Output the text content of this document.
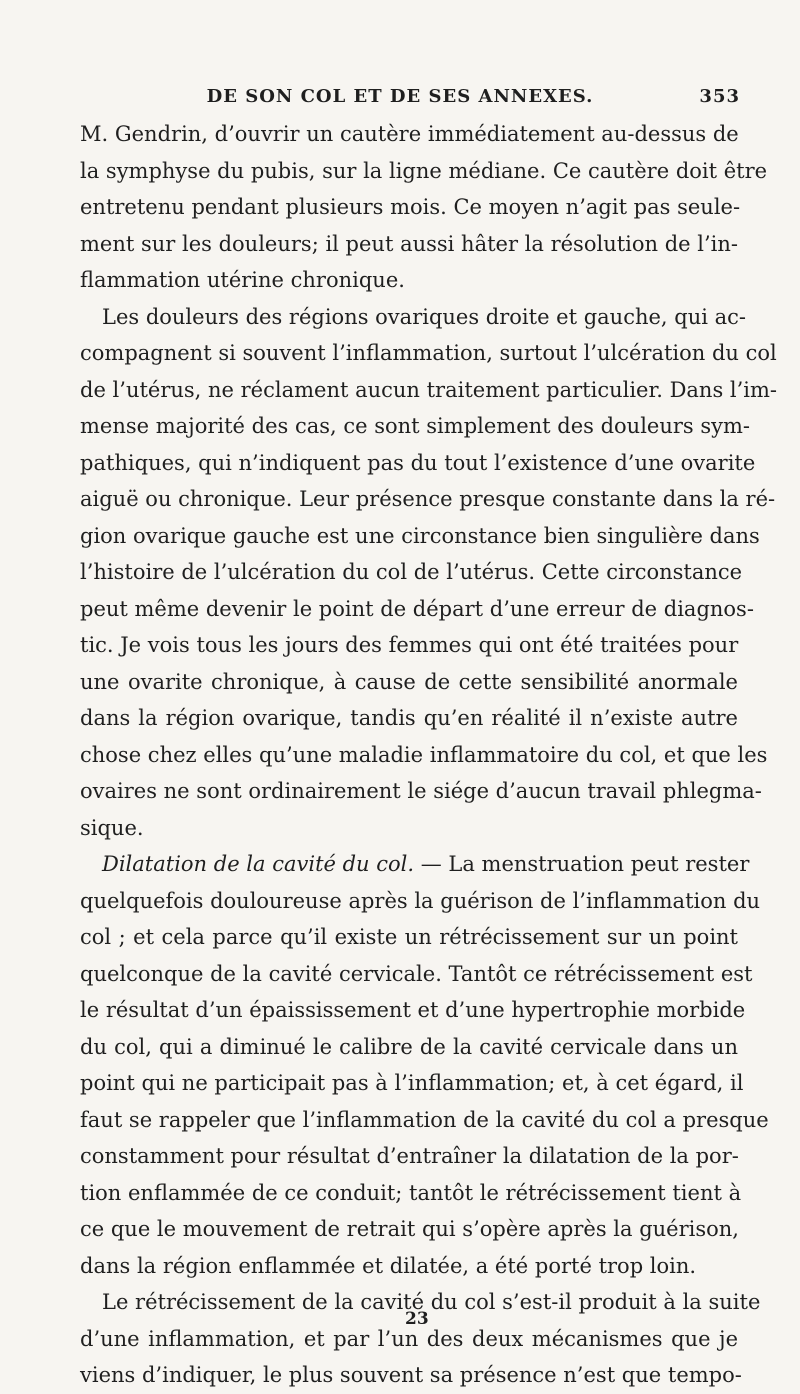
DE SON COL ET DE SES ANNEXES.	353
M. Gendrin, d’ouvrir un cautère immédiatement au-dessus de
la symphyse du pubis, sur la ligne médiane. Ce cautère doit être
entretenu pendant plusieurs mois. Ce moyen n’agit pas seule-
ment sur les douleurs; il peut aussi hâter la résolution de l’in-
flammation utérine chronique.
Les douleurs des régions ovariques droite et gauche, qui ac-
compagnent si souvent l’inflammation, surtout l’ulcération du col
de l’utérus, ne réclament aucun traitement particulier. Dans l’im-
mense majorité des cas, ce sont simplement des douleurs sym-
pathiques, qui n’indiquent pas du tout l’existence d’une ovarite
aiguë ou chronique. Leur présence presque constante dans la ré-
gion ovarique gauche est une circonstance bien singulière dans
l’histoire de l’ulcération du col de l’utérus. Cette circonstance
peut même devenir le point de départ d’une erreur de diagnos-
tic. Je vois tous les jours des femmes qui ont été traitées pour
une ovarite chronique, à cause de cette sensibilité anormale
dans la région ovarique, tandis qu’en réalité il n’existe autre
chose chez elles qu’une maladie inflammatoire du col, et que les
ovaires ne sont ordinairement le siége d’aucun travail phlegma-
sique.
Dilatation de la cavité du col. — La menstruation peut rester
quelquefois douloureuse après la guérison de l’inflammation du
col ; et cela parce qu’il existe un rétrécissement sur un point
quelconque de la cavité cervicale. Tantôt ce rétrécissement est
le résultat d’un épaississement et d’une hypertrophie morbide
du col, qui a diminué le calibre de la cavité cervicale dans un
point qui ne participait pas à l’inflammation; et, à cet égard, il
faut se rappeler que l’inflammation de la cavité du col a presque
constamment pour résultat d’entraîner la dilatation de la por-
tion enflammée de ce conduit; tantôt le rétrécissement tient à
ce que le mouvement de retrait qui s’opère après la guérison,
dans la région enflammée et dilatée, a été porté trop loin.
Le rétrécissement de la cavité du col s’est-il produit à la suite
d’une inflammation, et par l’un des deux mécanismes que je
viens d’indiquer, le plus souvent sa présence n’est que tempo-
23
